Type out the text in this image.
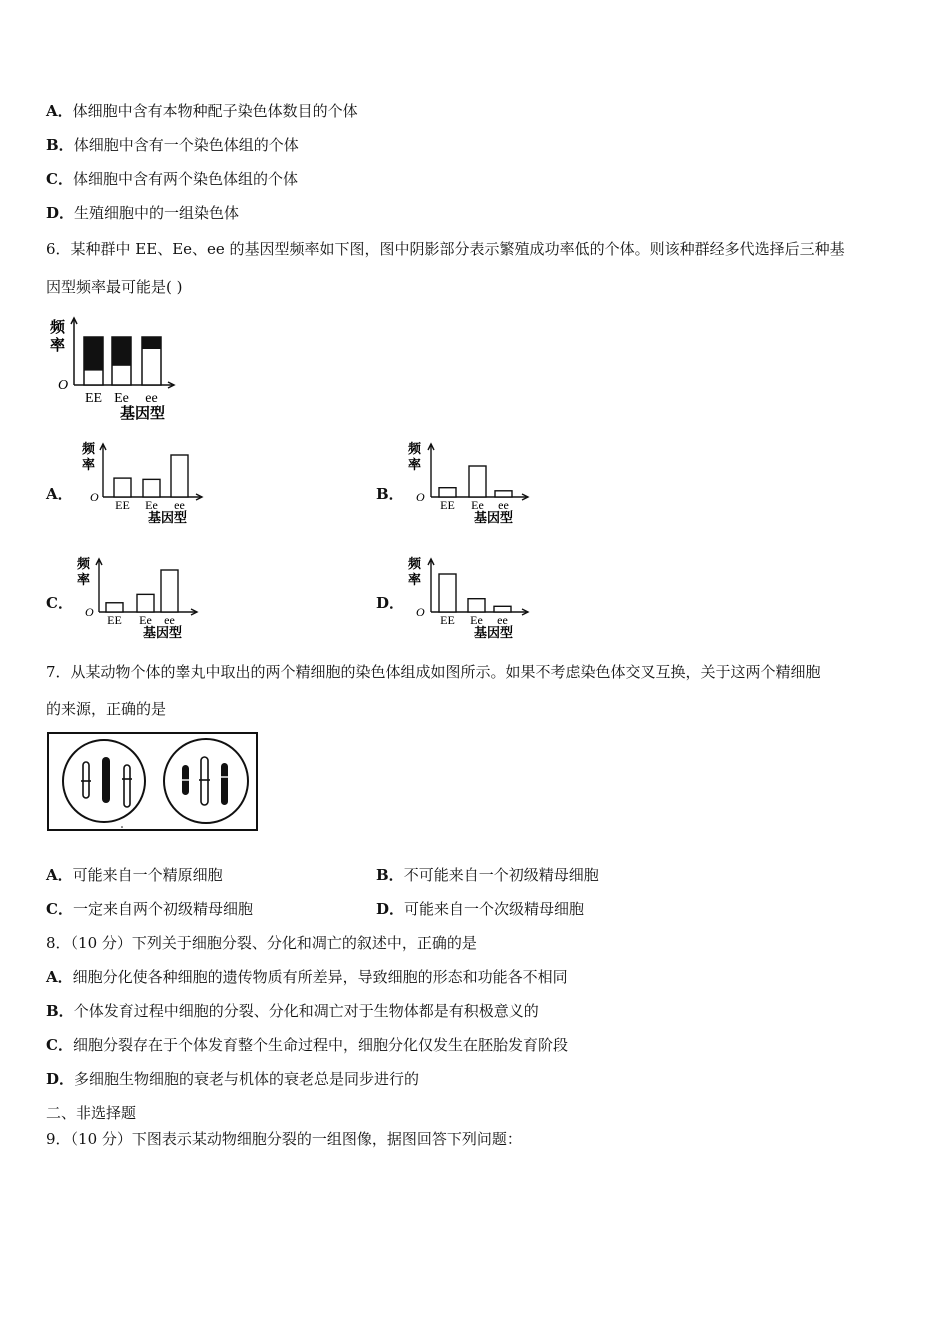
A．体细胞中含有本物种配子染色体数目的个体
B．体细胞中含有一个染色体组的个体
C．体细胞中含有两个染色体组的个体
D．生殖细胞中的一组染色体
6．某种群中 EE、Ee、ee 的基因型频率如下图，图中阴影部分表示繁殖成功率低的个体。则该种群经多代选择后三种基
因型频率最可能是( )
频
率
O
EE Ee ee
基因型
A．
频
率
O
EE Ee ee
基因型
B．
频
率
O
EE Ee ee
基因型
C．
频
率
O
EE Ee ee
基因型
D．
频
率
O
EE Ee ee
基因型
7．从某动物个体的睾丸中取出的两个精细胞的染色体组成如图所示。如果不考虑染色体交叉互换，关于这两个精细胞
的来源，正确的是
A．可能来自一个精原细胞	B．不可能来自一个初级精母细胞
C．一定来自两个初级精母细胞	D．可能来自一个次级精母细胞
8．（10 分）下列关于细胞分裂、分化和凋亡的叙述中，正确的是
A．细胞分化使各种细胞的遗传物质有所差异，导致细胞的形态和功能各不相同
B．个体发育过程中细胞的分裂、分化和凋亡对于生物体都是有积极意义的
C．细胞分裂存在于个体发育整个生命过程中，细胞分化仅发生在胚胎发育阶段
D．多细胞生物细胞的衰老与机体的衰老总是同步进行的
二、非选择题
9．（10 分）下图表示某动物细胞分裂的一组图像，据图回答下列问题：
